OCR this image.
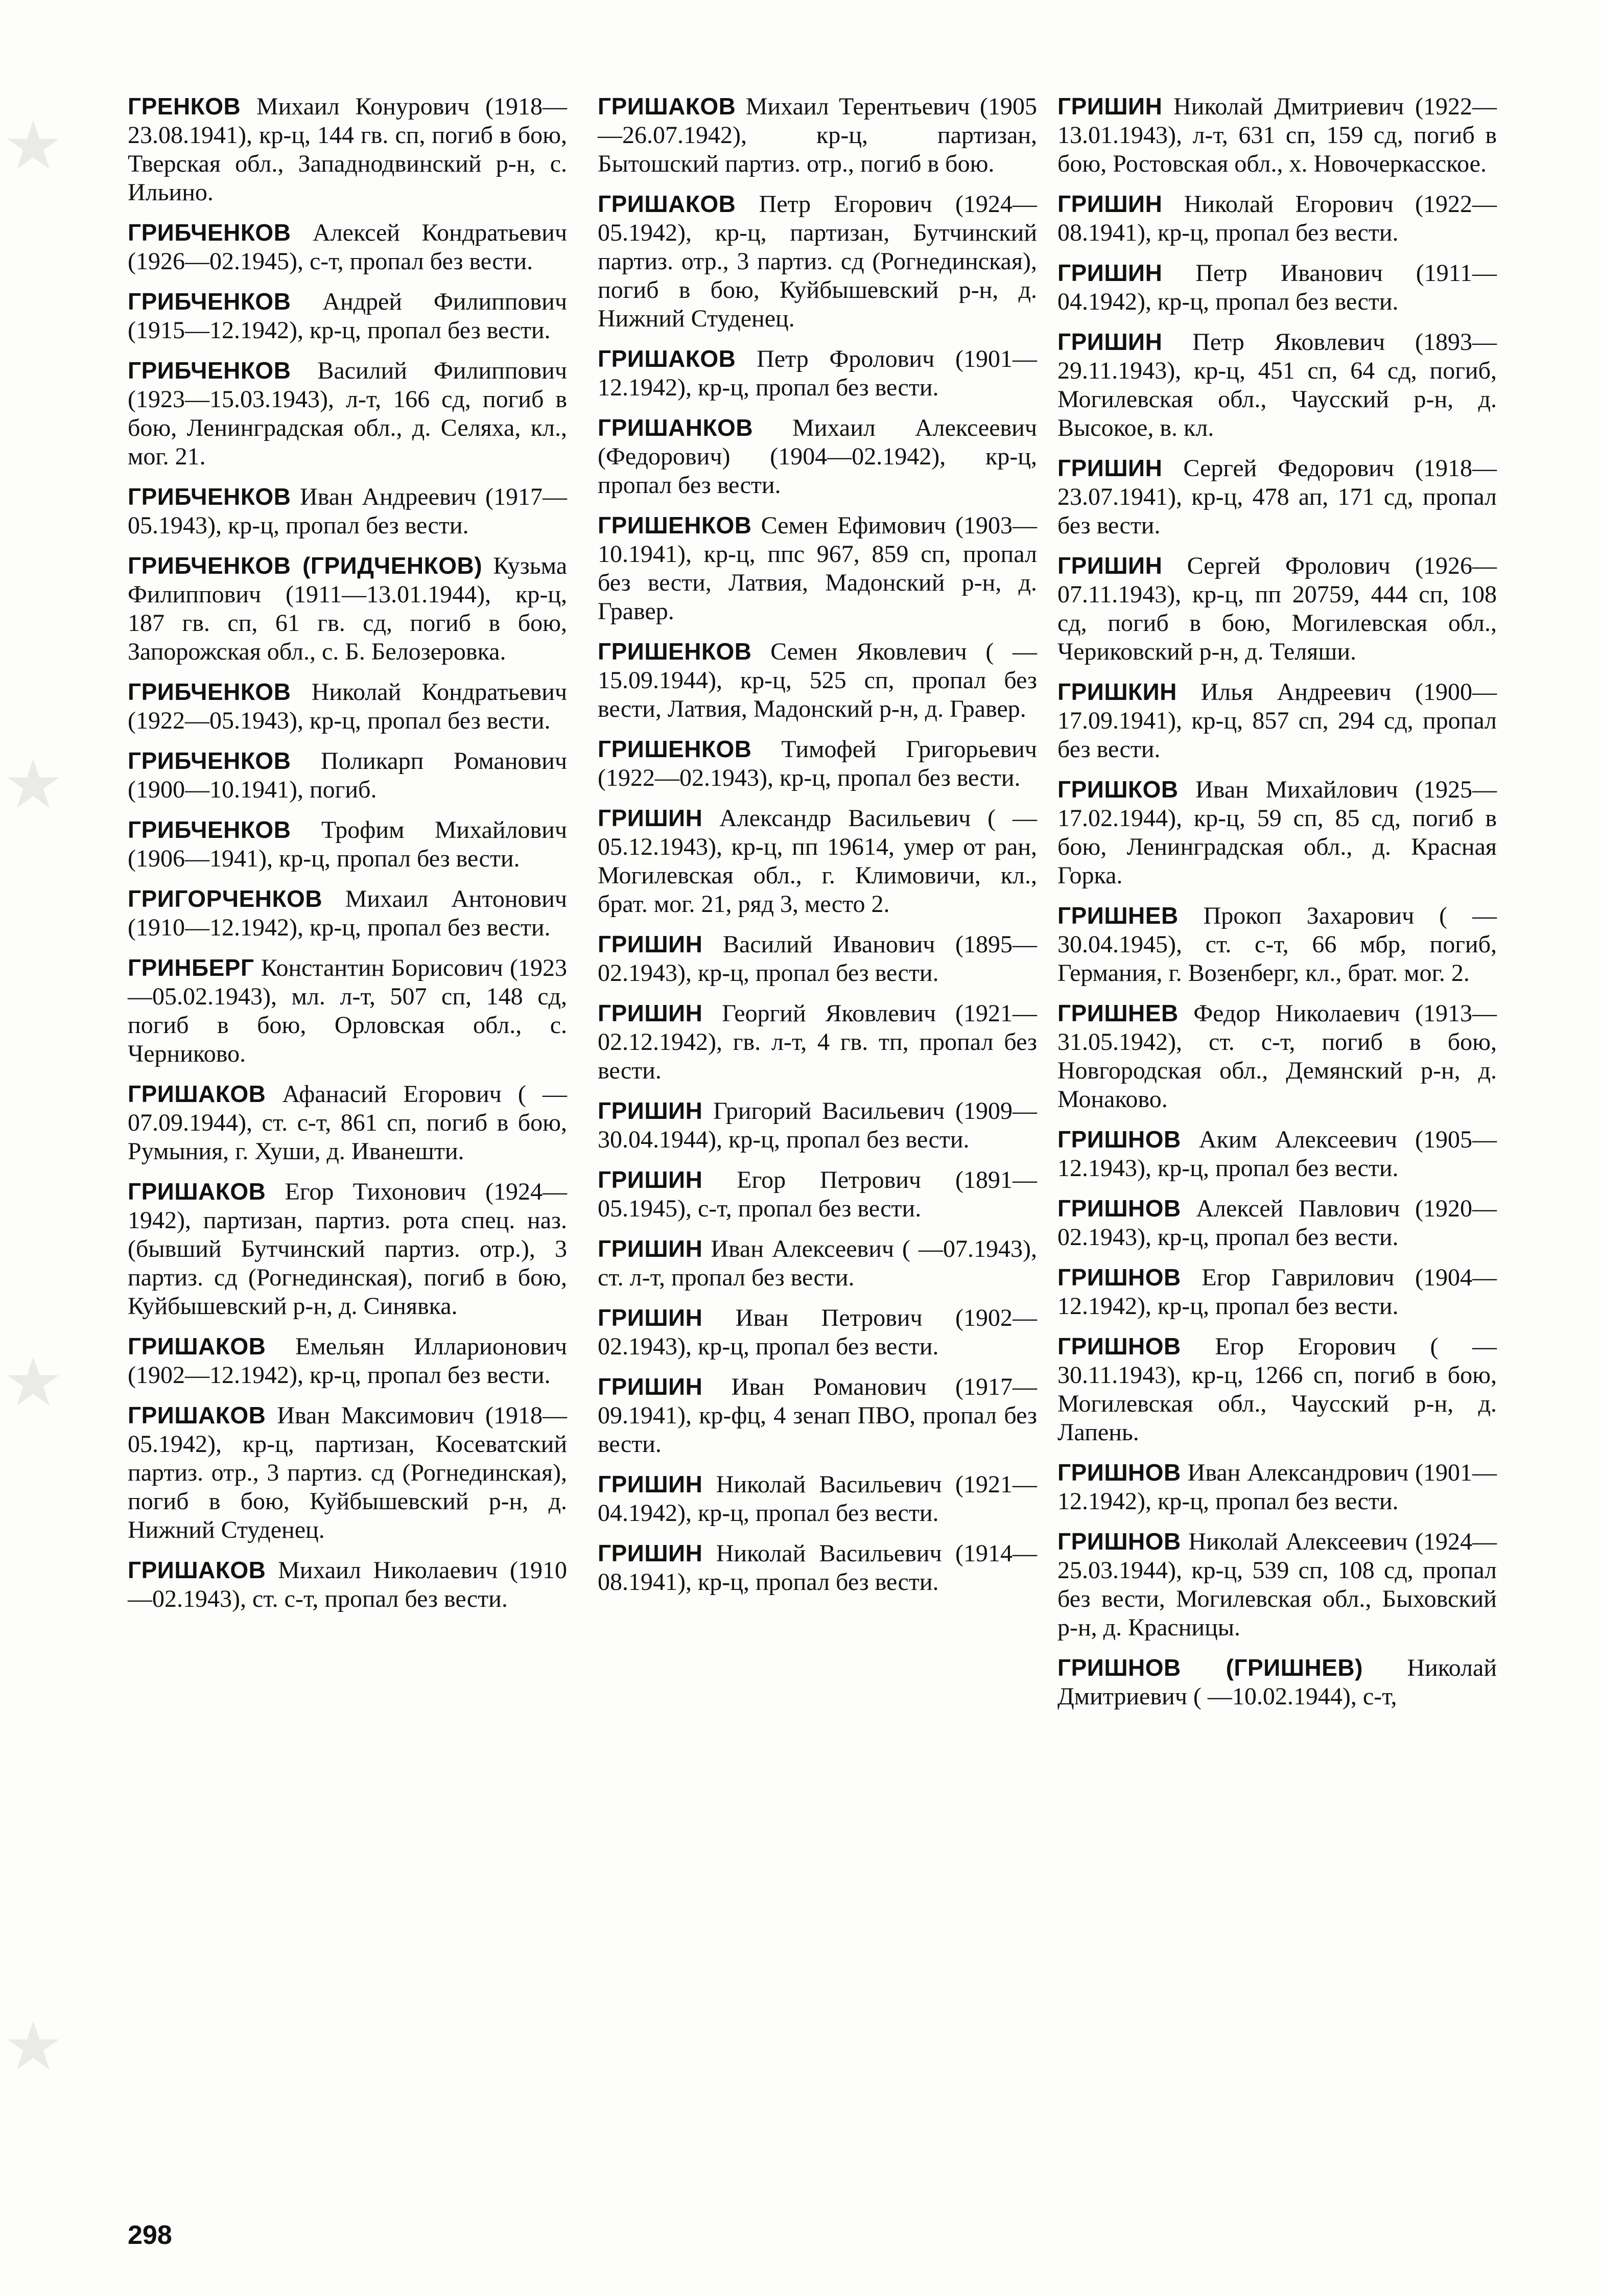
ГРЕНКОВ Михаил Конурович (1918—23.08.1941), кр-ц, 144 гв. сп, погиб в бою, Тверская обл., Западнодвинский р-н, с. Ильино.

ГРИБЧЕНКОВ Алексей Кондратьевич (1926—02.1945), с-т, пропал без вести.

ГРИБЧЕНКОВ Андрей Филиппович (1915—12.1942), кр-ц, пропал без вести.

ГРИБЧЕНКОВ Василий Филиппович (1923—15.03.1943), л-т, 166 сд, погиб в бою, Ленинградская обл., д. Селяха, кл., мог. 21.

ГРИБЧЕНКОВ Иван Андреевич (1917—05.1943), кр-ц, пропал без вести.

ГРИБЧЕНКОВ (ГРИДЧЕНКОВ) Кузьма Филиппович (1911—13.01.1944), кр-ц, 187 гв. сп, 61 гв. сд, погиб в бою, Запорожская обл., с. Б. Белозеровка.

ГРИБЧЕНКОВ Николай Кондратьевич (1922—05.1943), кр-ц, пропал без вести.

ГРИБЧЕНКОВ Поликарп Романович (1900—10.1941), погиб.

ГРИБЧЕНКОВ Трофим Михайлович (1906—1941), кр-ц, пропал без вести.

ГРИГОРЧЕНКОВ Михаил Антонович (1910—12.1942), кр-ц, пропал без вести.

ГРИНБЕРГ Константин Борисович (1923—05.02.1943), мл. л-т, 507 сп, 148 сд, погиб в бою, Орловская обл., с. Черниково.

ГРИШАКОВ Афанасий Егорович ( —07.09.1944), ст. с-т, 861 сп, погиб в бою, Румыния, г. Хуши, д. Иванешти.

ГРИШАКОВ Егор Тихонович (1924—1942), партизан, партиз. рота спец. наз. (бывший Бутчинский партиз. отр.), 3 партиз. сд (Рогнединская), погиб в бою, Куйбышевский р-н, д. Синявка.

ГРИШАКОВ Емельян Илларионович (1902—12.1942), кр-ц, пропал без вести.

ГРИШАКОВ Иван Максимович (1918—05.1942), кр-ц, партизан, Косеватский партиз. отр., 3 партиз. сд (Рогнединская), погиб в бою, Куйбышевский р-н, д. Нижний Студенец.

ГРИШАКОВ Михаил Николаевич (1910—02.1943), ст. с-т, пропал без вести.

ГРИШАКОВ Михаил Терентьевич (1905—26.07.1942), кр-ц, партизан, Бытошский партиз. отр., погиб в бою.

ГРИШАКОВ Петр Егорович (1924—05.1942), кр-ц, партизан, Бутчинский партиз. отр., 3 партиз. сд (Рогнединская), погиб в бою, Куйбышевский р-н, д. Нижний Студенец.

ГРИШАКОВ Петр Фролович (1901—12.1942), кр-ц, пропал без вести.

ГРИШАНКОВ Михаил Алексеевич (Федорович) (1904—02.1942), кр-ц, пропал без вести.

ГРИШЕНКОВ Семен Ефимович (1903—10.1941), кр-ц, ппс 967, 859 сп, пропал без вести, Латвия, Мадонский р-н, д. Гравер.

ГРИШЕНКОВ Семен Яковлевич ( —15.09.1944), кр-ц, 525 сп, пропал без вести, Латвия, Мадонский р-н, д. Гравер.

ГРИШЕНКОВ Тимофей Григорьевич (1922—02.1943), кр-ц, пропал без вести.

ГРИШИН Александр Васильевич ( —05.12.1943), кр-ц, пп 19614, умер от ран, Могилевская обл., г. Климовичи, кл., брат. мог. 21, ряд 3, место 2.

ГРИШИН Василий Иванович (1895—02.1943), кр-ц, пропал без вести.

ГРИШИН Георгий Яковлевич (1921—02.12.1942), гв. л-т, 4 гв. тп, пропал без вести.

ГРИШИН Григорий Васильевич (1909—30.04.1944), кр-ц, пропал без вести.

ГРИШИН Егор Петрович (1891—05.1945), с-т, пропал без вести.

ГРИШИН Иван Алексеевич ( —07.1943), ст. л-т, пропал без вести.

ГРИШИН Иван Петрович (1902—02.1943), кр-ц, пропал без вести.

ГРИШИН Иван Романович (1917—09.1941), кр-фц, 4 зенап ПВО, пропал без вести.

ГРИШИН Николай Васильевич (1921—04.1942), кр-ц, пропал без вести.

ГРИШИН Николай Васильевич (1914—08.1941), кр-ц, пропал без вести.

ГРИШИН Николай Дмитриевич (1922—13.01.1943), л-т, 631 сп, 159 сд, погиб в бою, Ростовская обл., х. Новочеркасское.

ГРИШИН Николай Егорович (1922—08.1941), кр-ц, пропал без вести.

ГРИШИН Петр Иванович (1911—04.1942), кр-ц, пропал без вести.

ГРИШИН Петр Яковлевич (1893—29.11.1943), кр-ц, 451 сп, 64 сд, погиб, Могилевская обл., Чаусский р-н, д. Высокое, в. кл.

ГРИШИН Сергей Федорович (1918—23.07.1941), кр-ц, 478 ап, 171 сд, пропал без вести.

ГРИШИН Сергей Фролович (1926—07.11.1943), кр-ц, пп 20759, 444 сп, 108 сд, погиб в бою, Могилевская обл., Чериковский р-н, д. Теляши.

ГРИШКИН Илья Андреевич (1900—17.09.1941), кр-ц, 857 сп, 294 сд, пропал без вести.

ГРИШКОВ Иван Михайлович (1925—17.02.1944), кр-ц, 59 сп, 85 сд, погиб в бою, Ленинградская обл., д. Красная Горка.

ГРИШНЕВ Прокоп Захарович ( —30.04.1945), ст. с-т, 66 мбр, погиб, Германия, г. Возенберг, кл., брат. мог. 2.

ГРИШНЕВ Федор Николаевич (1913—31.05.1942), ст. с-т, погиб в бою, Новгородская обл., Демянский р-н, д. Монаково.

ГРИШНОВ Аким Алексеевич (1905—12.1943), кр-ц, пропал без вести.

ГРИШНОВ Алексей Павлович (1920—02.1943), кр-ц, пропал без вести.

ГРИШНОВ Егор Гаврилович (1904—12.1942), кр-ц, пропал без вести.

ГРИШНОВ Егор Егорович ( —30.11.1943), кр-ц, 1266 сп, погиб в бою, Могилевская обл., Чаусский р-н, д. Лапень.

ГРИШНОВ Иван Александрович (1901—12.1942), кр-ц, пропал без вести.

ГРИШНОВ Николай Алексеевич (1924—25.03.1944), кр-ц, 539 сп, 108 сд, пропал без вести, Могилевская обл., Быховский р-н, д. Красницы.

ГРИШНОВ (ГРИШНЕВ) Николай Дмитриевич ( —10.02.1944), с-т,

298
